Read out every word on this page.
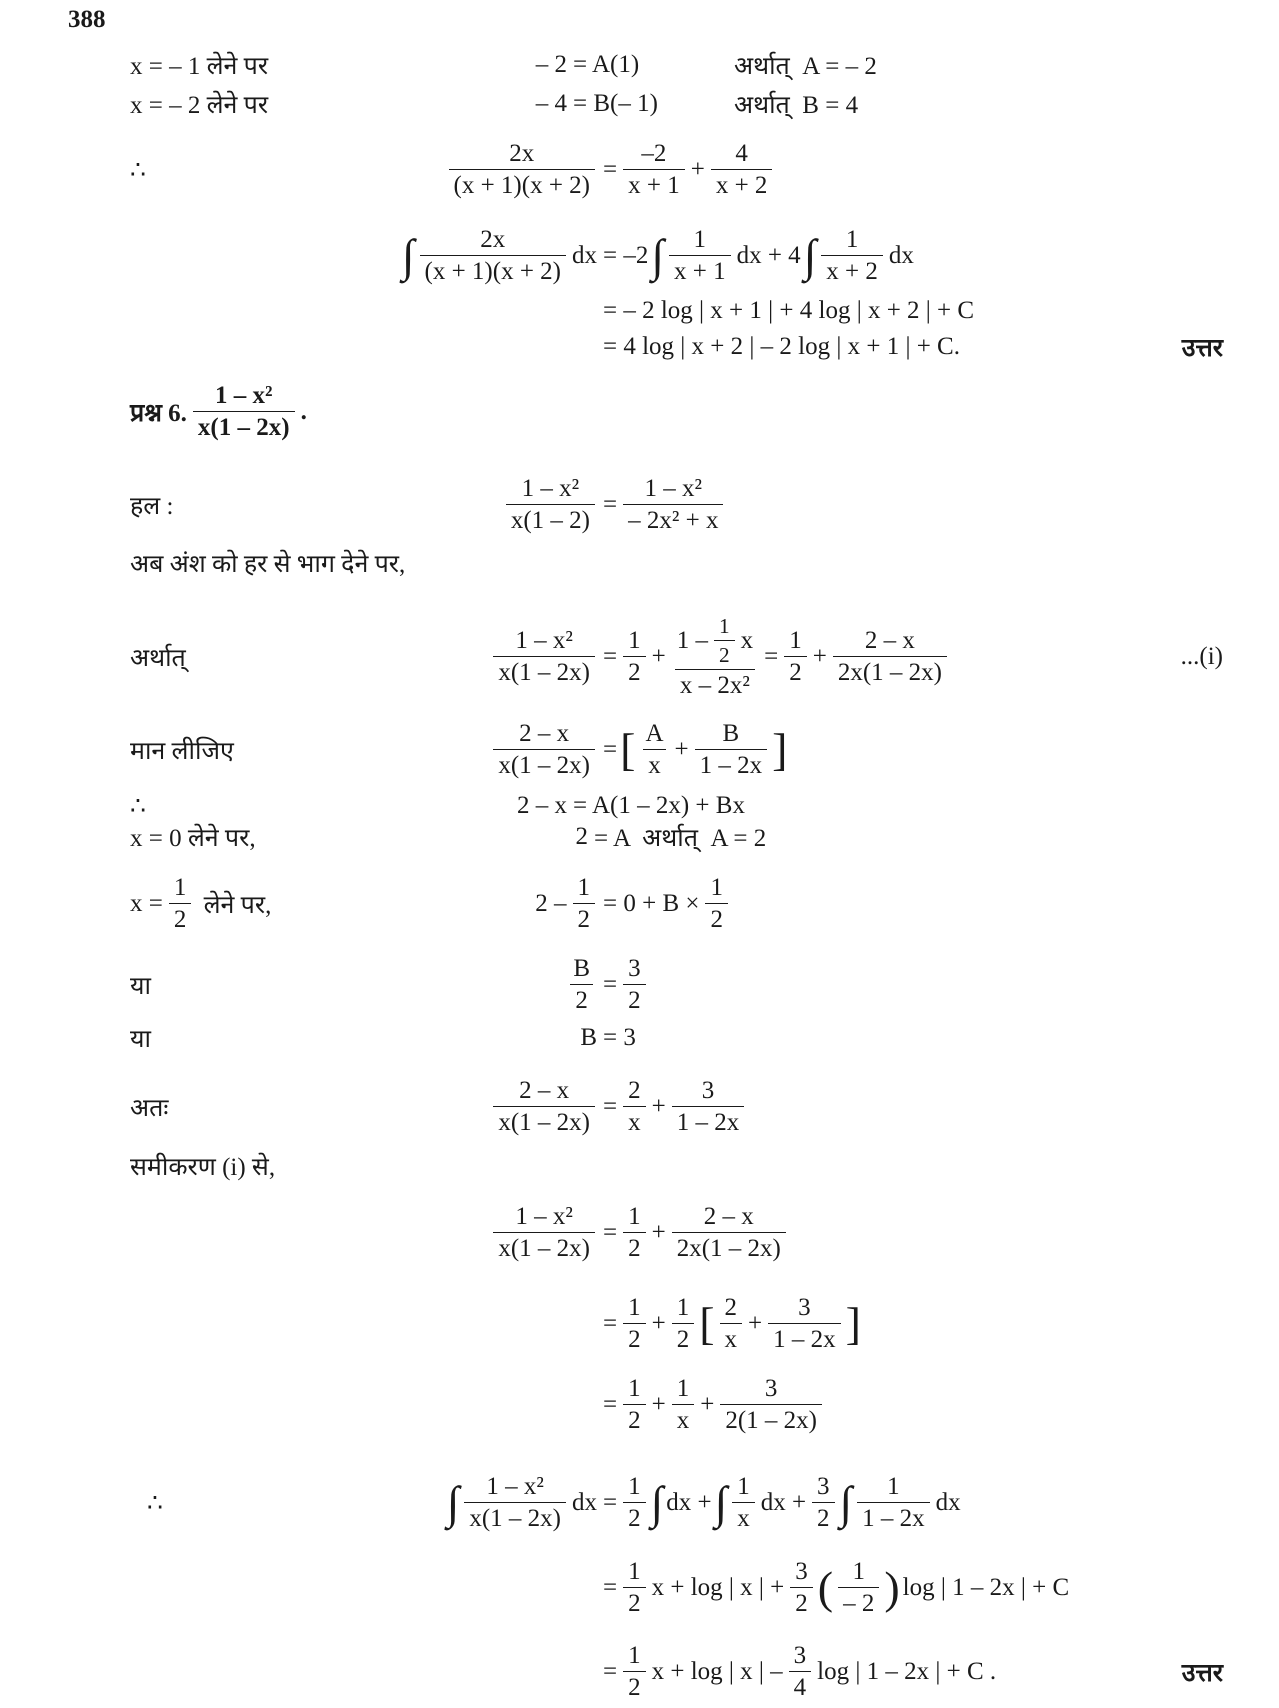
388
x = – 1 लेने पर	– 2 = A(1)	अर्थात्  A = – 2
x = – 2 लेने पर	– 4 = B(– 1)	अर्थात्  B = 4
∴	$\frac{2x}{(x + 1)(x + 2)} = \frac{-2}{x + 1} + \frac{4}{x + 2}$
∫ $\frac{2x}{(x + 1)(x + 2)}$ dx = –2 ∫ $\frac{1}{x + 1}$ dx + 4 ∫ $\frac{1}{x + 2}$ dx
= – 2 log | x + 1 | + 4 log | x + 2 | + C
= 4 log | x + 2 | – 2 log | x + 1 | + C.	उत्तर
प्रश्न 6. $\frac{\text{1 – x²}}{x(1 - 2x)}$ .
हल :	$\frac{\text{1 – x²}}{x(1 - 2)} = \frac{\text{1 – x²}}{\text{– 2x² + x}}$
अब अंश को हर से भाग देने पर,
अर्थात्	$\frac{\text{1 – x²}}{x(1 - 2x)} = \frac{1}{2} + \frac{1 - \frac{1}{2} x}{\text{x – 2x²}} = \frac{1}{2} + \frac{2 - x}{2x(1 - 2x)}$	...(i)
मान लीजिए	$\frac{2 - x}{x(1 - 2x)}$ = [ $\frac{A}{x} + \frac{B}{1 - 2x}$ ]
∴	2 – x = A(1 – 2x) + Bx
x = 0 लेने पर,	2 = A  अर्थात्  A = 2
$x = \frac{1}{2}$ लेने पर,	$2 - \frac{1}{2} = 0 + B \times \frac{1}{2}$
या	$\frac{B}{2} = \frac{3}{2}$
या	B = 3
अतः	$\frac{2 - x}{x(1 - 2x)} = \frac{2}{x} + \frac{3}{1 - 2x}$
समीकरण (i) से,
$\frac{\text{1 – x²}}{x(1 - 2x)} = \frac{1}{2} + \frac{2 - x}{2x(1 - 2x)}$
= $\frac{1}{2} + \frac{1}{2}$ [ $\frac{2}{x} + \frac{3}{1 - 2x}$ ]
= $\frac{1}{2} + \frac{1}{x} + \frac{3}{2(1 - 2x)}$
∴	∫ $\frac{\text{1 – x²}}{x(1 - 2x)}$ dx = $\frac{1}{2}$ ∫ dx + ∫ $\frac{1}{x}$ dx + $\frac{3}{2}$ ∫ $\frac{1}{1 - 2x}$ dx
= $\frac{1}{2}$ x + log | x | + $\frac{3}{2}$ ( $\frac{1}{- 2}$ ) log | 1 – 2x | + C
= $\frac{1}{2}$ x + log | x | – $\frac{3}{4}$ log | 1 – 2x | + C .	उत्तर
